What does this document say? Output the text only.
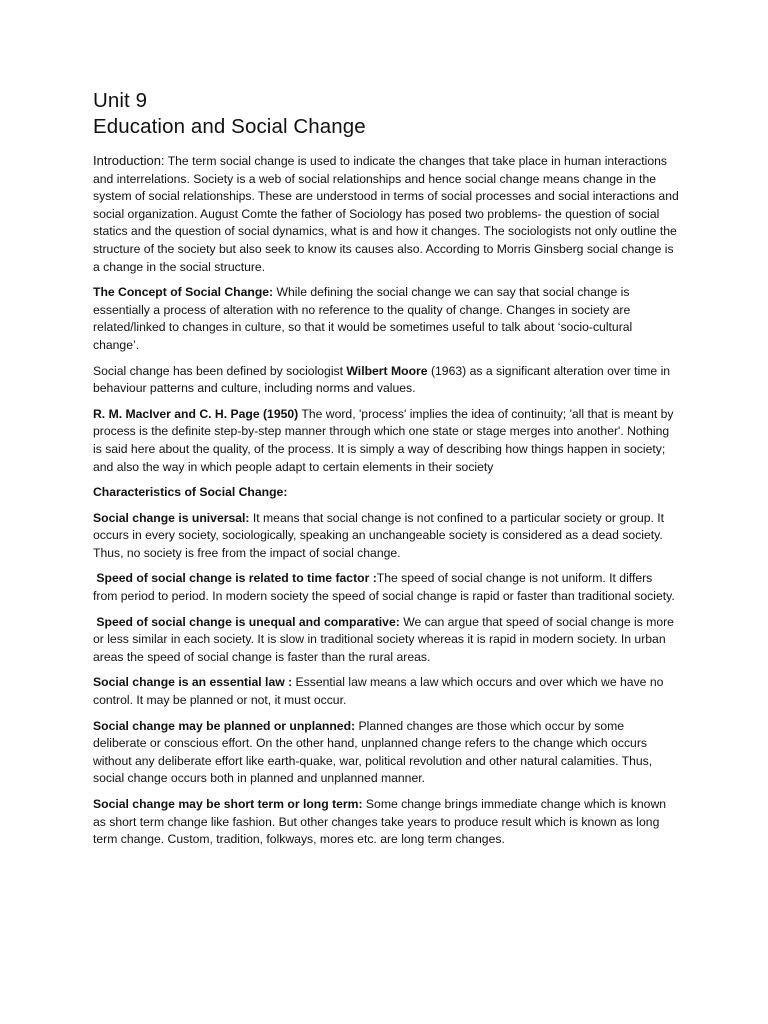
Unit 9
Education and Social Change

Introduction: The term social change is used to indicate the changes that take place in human interactions and interrelations. Society is a web of social relationships and hence social change means change in the system of social relationships. These are understood in terms of social processes and social interactions and social organization. August Comte the father of Sociology has posed two problems- the question of social statics and the question of social dynamics, what is and how it changes. The sociologists not only outline the structure of the society but also seek to know its causes also. According to Morris Ginsberg social change is a change in the social structure.

The Concept of Social Change: While defining the social change we can say that social change is essentially a process of alteration with no reference to the quality of change. Changes in society are related/linked to changes in culture, so that it would be sometimes useful to talk about ‘socio-cultural change’.

Social change has been defined by sociologist Wilbert Moore (1963) as a significant alteration over time in behaviour patterns and culture, including norms and values.

R. M. MacIver and C. H. Page (1950) The word, 'process' implies the idea of continuity; 'all that is meant by process is the definite step-by-step manner through which one state or stage merges into another'. Nothing is said here about the quality, of the process. It is simply a way of describing how things happen in society; and also the way in which people adapt to certain elements in their society

Characteristics of Social Change:

Social change is universal: It means that social change is not confined to a particular society or group. It occurs in every society, sociologically, speaking an unchangeable society is considered as a dead society. Thus, no society is free from the impact of social change.

Speed of social change is related to time factor :The speed of social change is not uniform. It differs from period to period. In modern society the speed of social change is rapid or faster than traditional society.

Speed of social change is unequal and comparative: We can argue that speed of social change is more or less similar in each society. It is slow in traditional society whereas it is rapid in modern society. In urban areas the speed of social change is faster than the rural areas.

Social change is an essential law : Essential law means a law which occurs and over which we have no control. It may be planned or not, it must occur.

Social change may be planned or unplanned: Planned changes are those which occur by some deliberate or conscious effort. On the other hand, unplanned change refers to the change which occurs without any deliberate effort like earth-quake, war, political revolution and other natural calamities. Thus, social change occurs both in planned and unplanned manner.

Social change may be short term or long term: Some change brings immediate change which is known as short term change like fashion. But other changes take years to produce result which is known as long term change. Custom, tradition, folkways, mores etc. are long term changes.
